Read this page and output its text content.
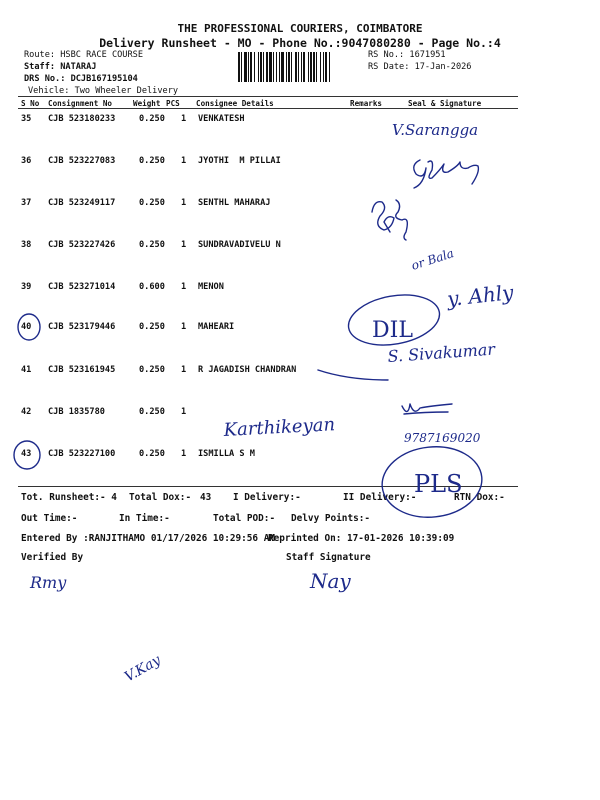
THE PROFESSIONAL COURIERS, COIMBATORE
Delivery Runsheet - MO - Phone No.:9047080280 - Page No.:4
Route: HSBC RACE COURSE
Staff: NATARAJ
DRS No.: DCJB167195104
Vehicle: Two Wheeler Delivery
RS No.: 1671951
RS Date: 17-Jan-2026
S No Consignment No	Weight PCS Consignee Details	Remarks	Seal & Signature
35 CJB 523180233	0.250 1 VENKATESH
36 CJB 523227083	0.250 1 JYOTHI  M PILLAI
37 CJB 523249117	0.250 1 SENTHL MAHARAJ
38 CJB 523227426	0.250 1 SUNDRAVADIVELU N
39 CJB 523271014	0.600 1 MENON
40 CJB 523179446	0.250 1 MAHEARI
41 CJB 523161945	0.250 1 R JAGADISH CHANDRAN
42 CJB 1835780	0.250 1
43 CJB 523227100	0.250 1 ISMILLA S M
Tot. Runsheet:- 4 Total Dox:- 43 I Delivery:-	II Delivery:-	RTN Dox:-
Out Time:-	In Time:-	Total POD:- Delvy Points:-
Entered By :RANJITHAMO 01/17/2026 10:29:56 AM
Reprinted On: 17-01-2026 10:39:09
Verified By	Staff Signature
V.Sarangga
or Bala
y. Ahly
DIL
S. Sivakumar
Karthikeyan	9787169020
PLS
Rmy	Nay
V.Kay
